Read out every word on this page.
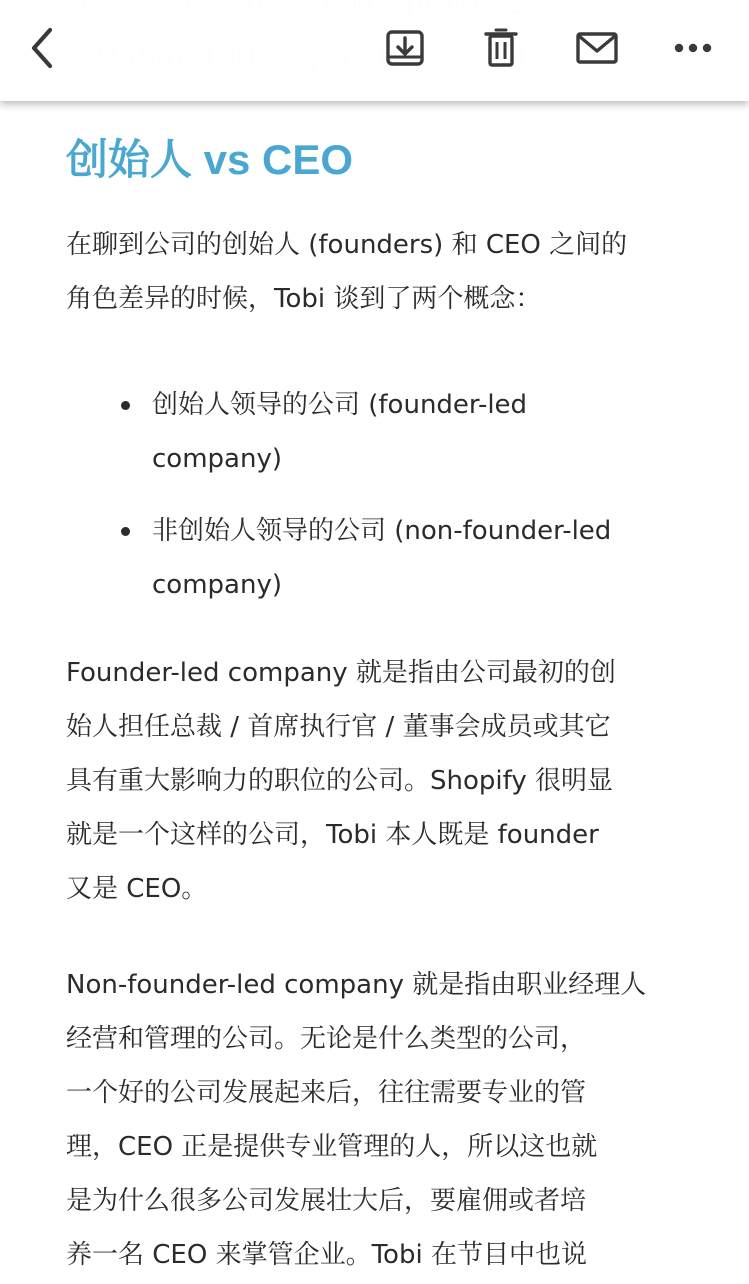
创始人 vs CEO

在聊到公司的创始人 (founders) 和 CEO 之间的
角色差异的时候，Tobi 谈到了两个概念：

创始人领导的公司 (founder-led
company)
非创始人领导的公司 (non-founder-led
company)

Founder-led company 就是指由公司最初的创
始人担任总裁 / 首席执行官 / 董事会成员或其它
具有重大影响力的职位的公司。Shopify 很明显
就是一个这样的公司，Tobi 本人既是 founder
又是 CEO。

Non-founder-led company 就是指由职业经理人
经营和管理的公司。无论是什么类型的公司，
一个好的公司发展起来后，往往需要专业的管
理，CEO 正是提供专业管理的人，所以这也就
是为什么很多公司发展壮大后，要雇佣或者培
养一名 CEO 来掌管企业。Tobi 在节目中也说
